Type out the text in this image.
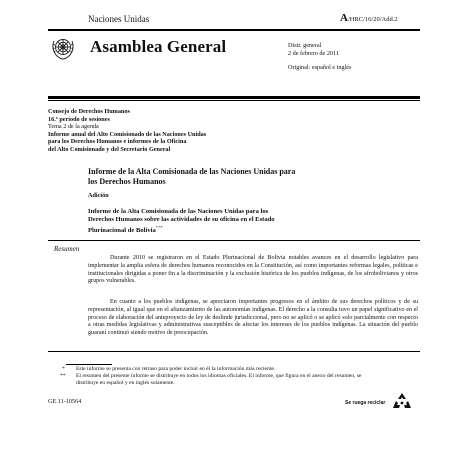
Naciones Unidas	A/HRC/16/20/Add.2
Asamblea General	Distr. general
2 de febrero de 2011
Original: español e inglés
Consejo de Derechos Humanos
16.º período de sesiones
Tema 2 de la agenda
Informe anual del Alto Comisionado de las Naciones Unidas
para los Derechos Humanos e informes de la Oficina
del Alto Comisionado y del Secretario General
Informe de la Alta Comisionada de las Naciones Unidas para
los Derechos Humanos
Adición
Informe de la Alta Comisionada de las Naciones Unidas para los
Derechos Humanos sobre las actividades de su oficina en el Estado
Plurinacional de Bolivia*,**
Resumen

Durante 2010 se registraron en el Estado Plurinacional de Bolivia notables avances en el desarrollo legislativo para implementar la amplia esfera de derechos humanos reconocidos en la Constitución, así como importantes reformas legales, políticas e institucionales dirigidas a poner fin a la discriminación y la exclusión histórica de los pueblos indígenas, de los afrobolivianos y otros grupos vulnerables.

En cuanto a los pueblos indígenas, se apreciaron importantes progresos en el ámbito de sus derechos políticos y de su representación, al igual que en el afianzamiento de las autonomías indígenas. El derecho a la consulta tuvo un papel significativo en el proceso de elaboración del anteproyecto de ley de deslinde jurisdiccional, pero no se aplicó o se aplicó solo parcialmente con respecto a otras medidas legislativas y administrativas susceptibles de afectar los intereses de los pueblos indígenas. La situación del pueblo guaraní continuó siendo motivo de preocupación.

* Este informe se presenta con retraso para poder incluir en él la información más reciente.
** El resumen del presente informe se distribuye en todos los idiomas oficiales. El informe, que figura en el anexo del resumen, se distribuye en español y en inglés solamente.
GE.11-10564	Se ruega reciclar
